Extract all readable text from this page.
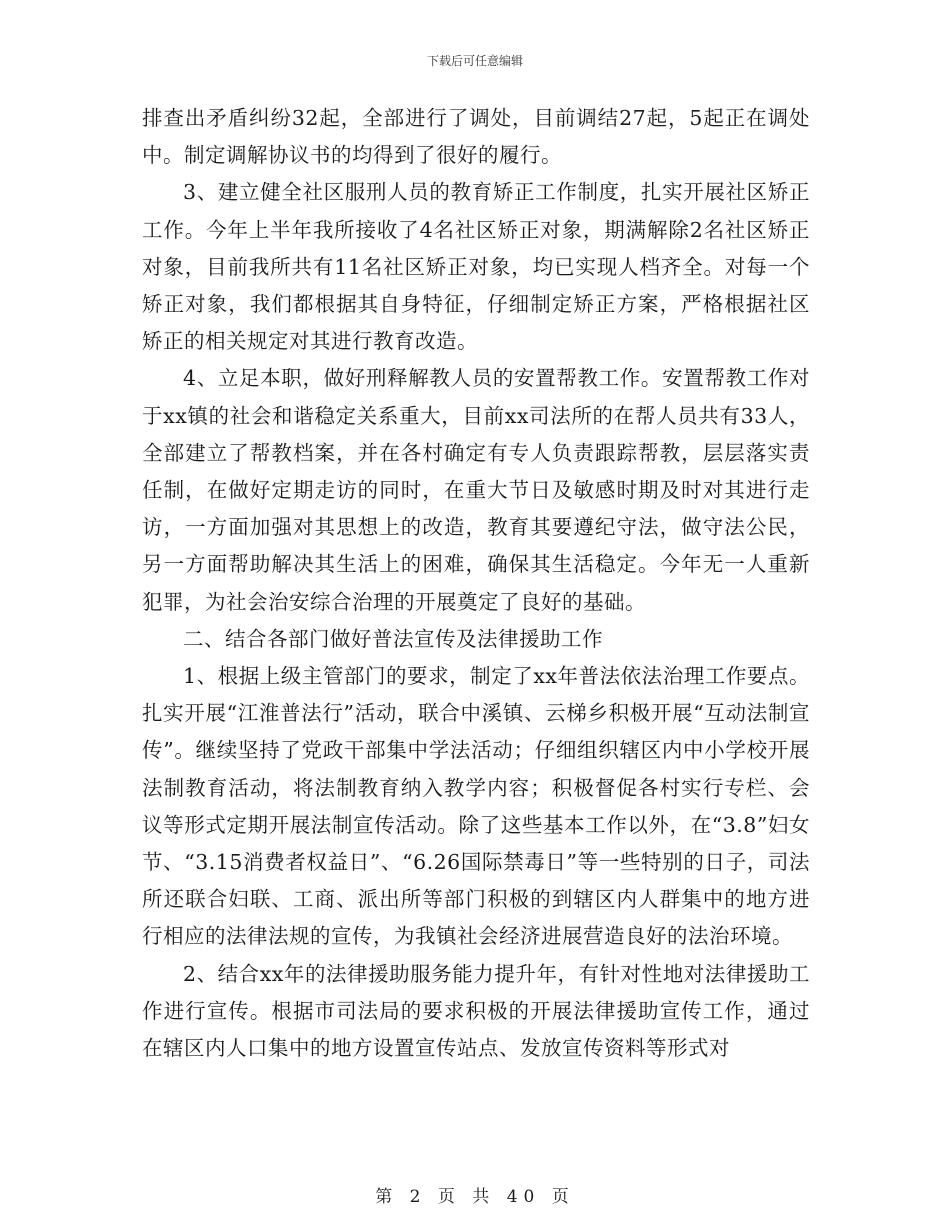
下载后可任意编辑

排查出矛盾纠纷32起，全部进行了调处，目前调结27起，5起正在调处中。制定调解协议书的均得到了很好的履行。

3、建立健全社区服刑人员的教育矫正工作制度，扎实开展社区矫正工作。今年上半年我所接收了4名社区矫正对象，期满解除2名社区矫正对象，目前我所共有11名社区矫正对象，均已实现人档齐全。对每一个矫正对象，我们都根据其自身特征，仔细制定矫正方案，严格根据社区矫正的相关规定对其进行教育改造。

4、立足本职，做好刑释解教人员的安置帮教工作。安置帮教工作对于xx镇的社会和谐稳定关系重大，目前xx司法所的在帮人员共有33人，全部建立了帮教档案，并在各村确定有专人负责跟踪帮教，层层落实责任制，在做好定期走访的同时，在重大节日及敏感时期及时对其进行走访，一方面加强对其思想上的改造，教育其要遵纪守法，做守法公民，另一方面帮助解决其生活上的困难，确保其生活稳定。今年无一人重新犯罪，为社会治安综合治理的开展奠定了良好的基础。

二、结合各部门做好普法宣传及法律援助工作

1、根据上级主管部门的要求，制定了xx年普法依法治理工作要点。扎实开展“江淮普法行”活动，联合中溪镇、云梯乡积极开展“互动法制宣传”。继续坚持了党政干部集中学法活动；仔细组织辖区内中小学校开展法制教育活动，将法制教育纳入教学内容；积极督促各村实行专栏、会议等形式定期开展法制宣传活动。除了这些基本工作以外，在“3.8”妇女节、“3.15消费者权益日”、“6.26国际禁毒日”等一些特别的日子，司法所还联合妇联、工商、派出所等部门积极的到辖区内人群集中的地方进行相应的法律法规的宣传，为我镇社会经济进展营造良好的法治环境。

2、结合xx年的法律援助服务能力提升年，有针对性地对法律援助工作进行宣传。根据市司法局的要求积极的开展法律援助宣传工作，通过在辖区内人口集中的地方设置宣传站点、发放宣传资料等形式对

第 2 页 共 40 页
